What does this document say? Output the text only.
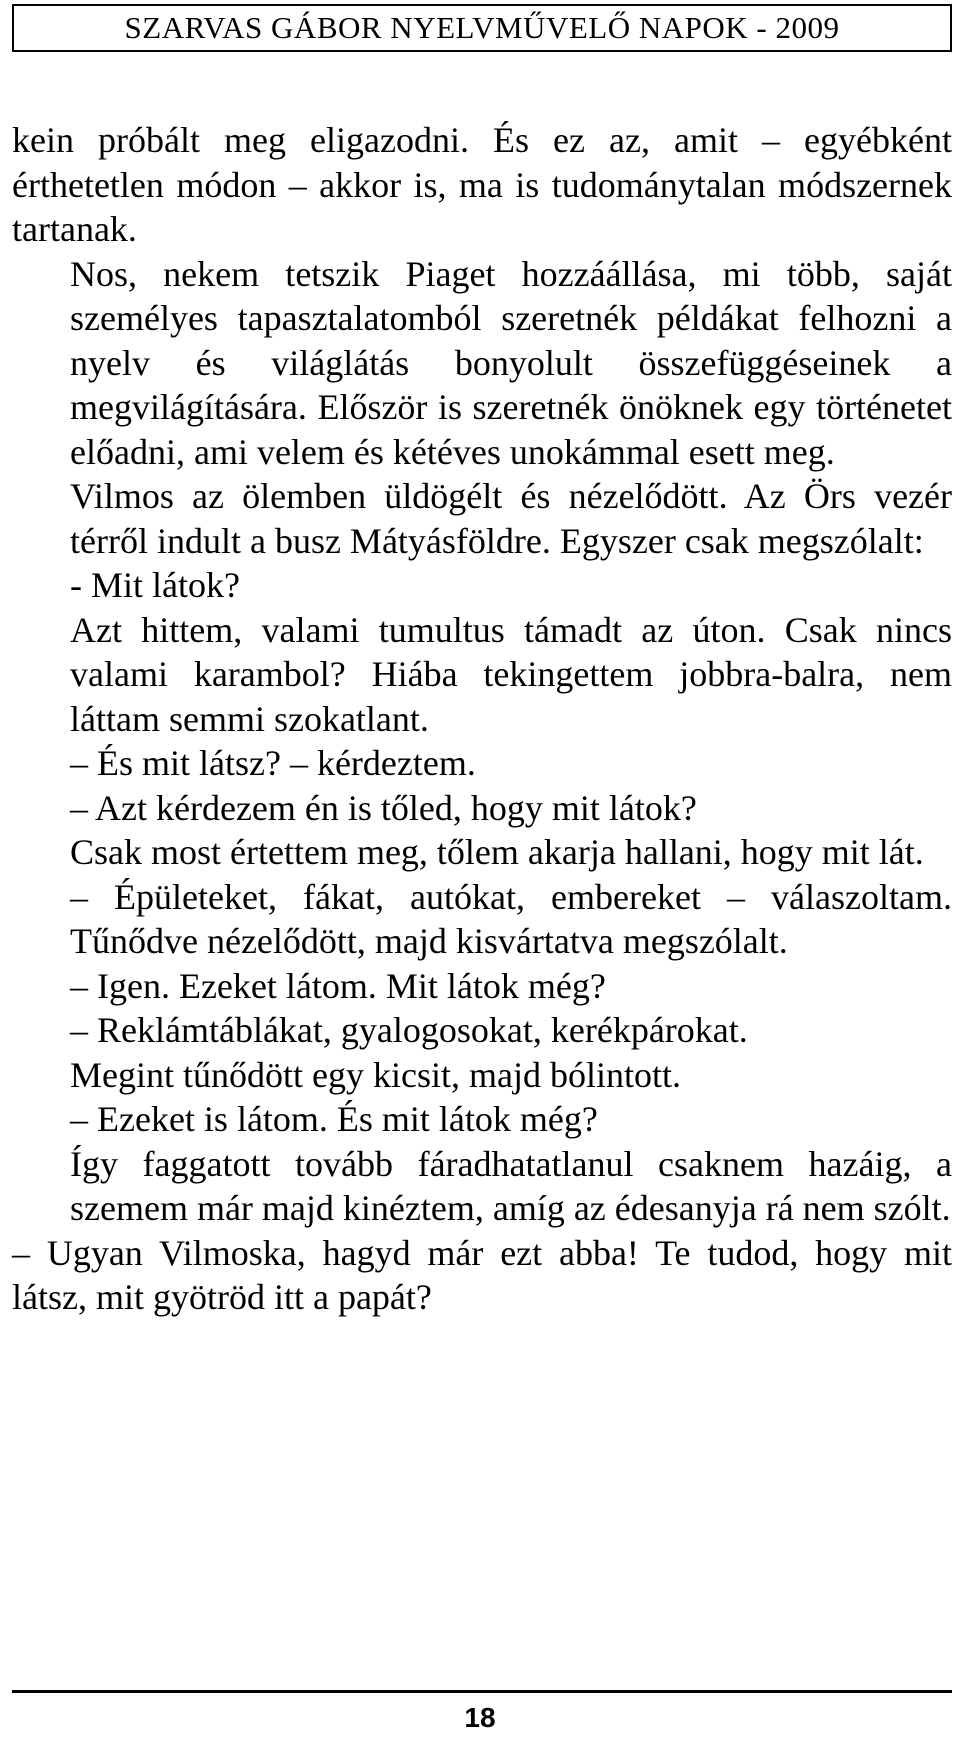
SZARVAS GÁBOR NYELVMŰVELŐ NAPOK - 2009

kein próbált meg eligazodni. És ez az, amit – egyébként érthetetlen módon – akkor is, ma is tudománytalan módszernek tartanak.

Nos, nekem tetszik Piaget hozzáállása, mi több, saját személyes tapasztalatomból szeretnék példákat felhozni a nyelv és világlátás bonyolult összefüggéseinek a megvilágítására. Először is szeretnék önöknek egy történetet előadni, ami velem és kétéves unokámmal esett meg.

Vilmos az ölemben üldögélt és nézelődött. Az Örs vezér térről indult a busz Mátyásföldre. Egyszer csak megszólalt:

- Mit látok?

Azt hittem, valami tumultus támadt az úton. Csak nincs valami karambol? Hiába tekingettem jobbra-balra, nem láttam semmi szokatlant.

– És mit látsz? – kérdeztem.

– Azt kérdezem én is tőled, hogy mit látok?

Csak most értettem meg, tőlem akarja hallani, hogy mit lát.

– Épületeket, fákat, autókat, embereket – válaszoltam. Tűnődve nézelődött, majd kisvártatva megszólalt.

– Igen. Ezeket látom. Mit látok még?

– Reklámtáblákat, gyalogosokat, kerékpárokat.

Megint tűnődött egy kicsit, majd bólintott.

– Ezeket is látom. És mit látok még?

Így faggatott tovább fáradhatatlanul csaknem hazáig, a szemem már majd kinéztem, amíg az édesanyja rá nem szólt.

– Ugyan Vilmoska, hagyd már ezt abba! Te tudod, hogy mit látsz, mit gyötröd itt a papát?

18
